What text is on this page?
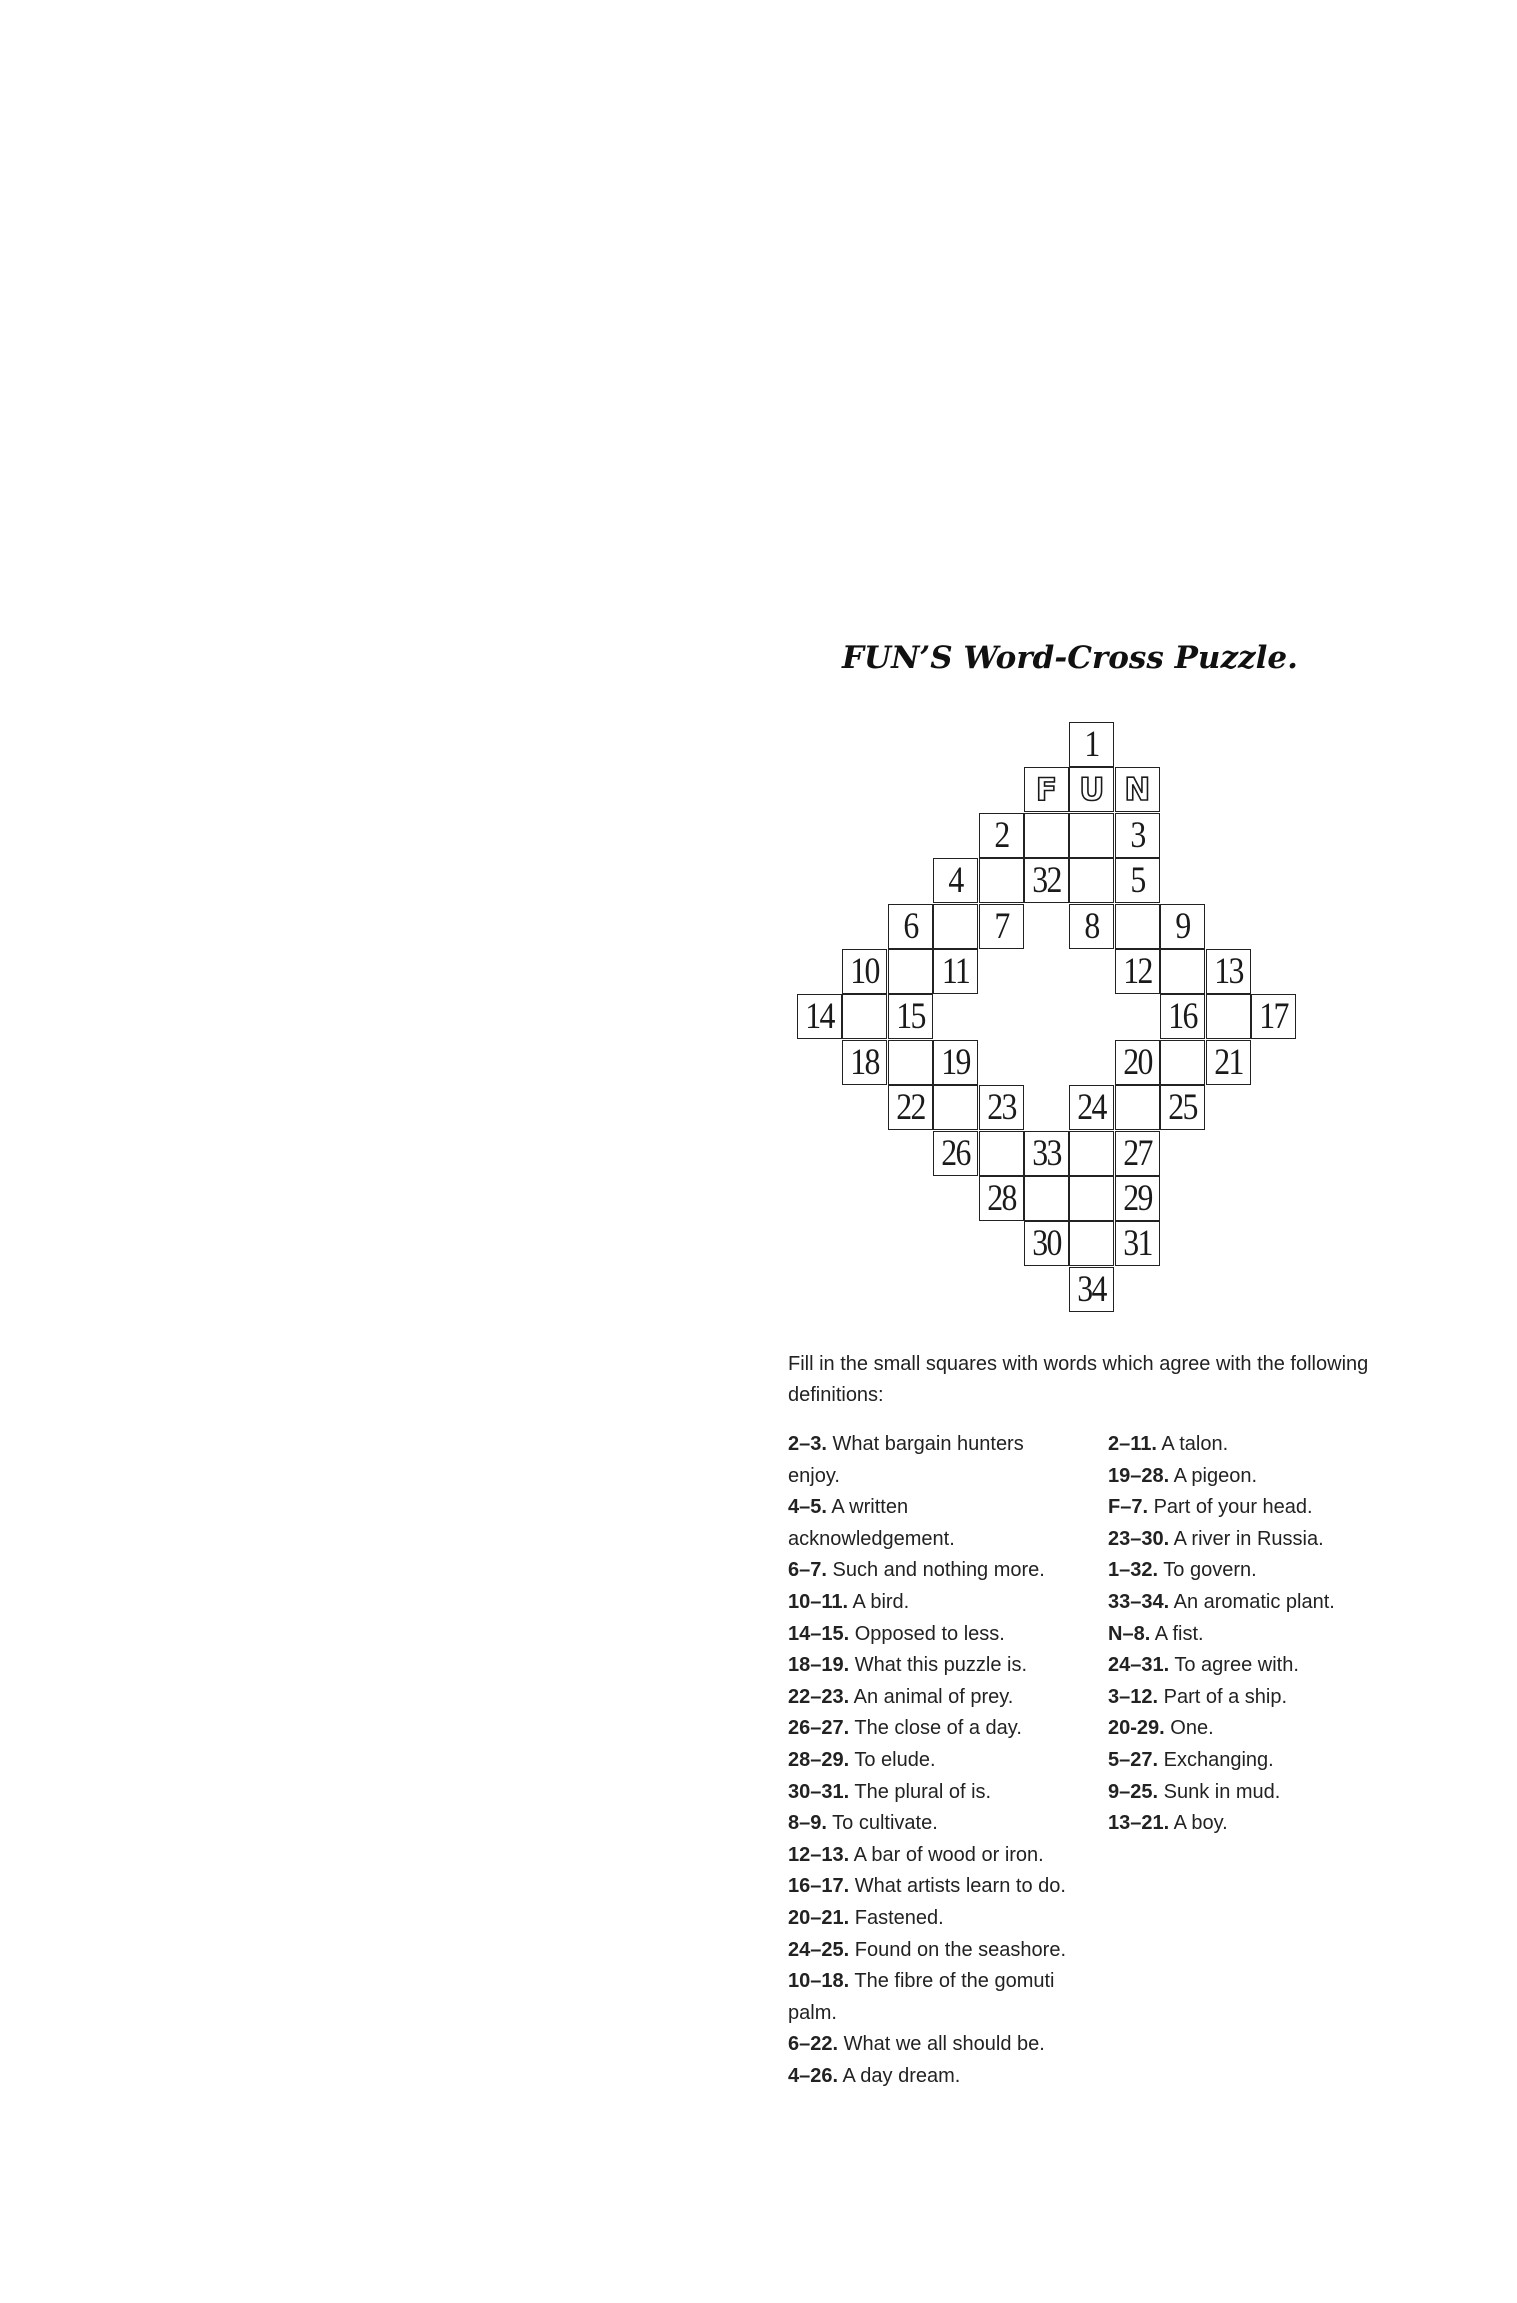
FUN’S Word-Cross Puzzle.
1
F U N
2	3
4	32	5
6	7	8	9
10 11	12 13
14 15	16 17
18 19	20 21
22 23 24 25
26 33 27
28	29
30 31
34
Fill in the small squares with words which agree with the following definitions:

2–3. What bargain hunters enjoy.

4–5. A written acknowledgement.

6–7. Such and nothing more.

10–11. A bird.

14–15. Opposed to less.

18–19. What this puzzle is.

22–23. An animal of prey.

26–27. The close of a day.

28–29. To elude.

30–31. The plural of is.

8–9. To cultivate.

12–13. A bar of wood or iron.

16–17. What artists learn to do.

20–21. Fastened.

24–25. Found on the seashore.

10–18. The fibre of the gomuti palm.

6–22. What we all should be.

4–26. A day dream.

2–11. A talon.

19–28. A pigeon.

F–7. Part of your head.

23–30. A river in Russia.

1–32. To govern.

33–34. An aromatic plant.

N–8. A fist.

24–31. To agree with.

3–12. Part of a ship.

20-29. One.

5–27. Exchanging.

9–25. Sunk in mud.

13–21. A boy.
